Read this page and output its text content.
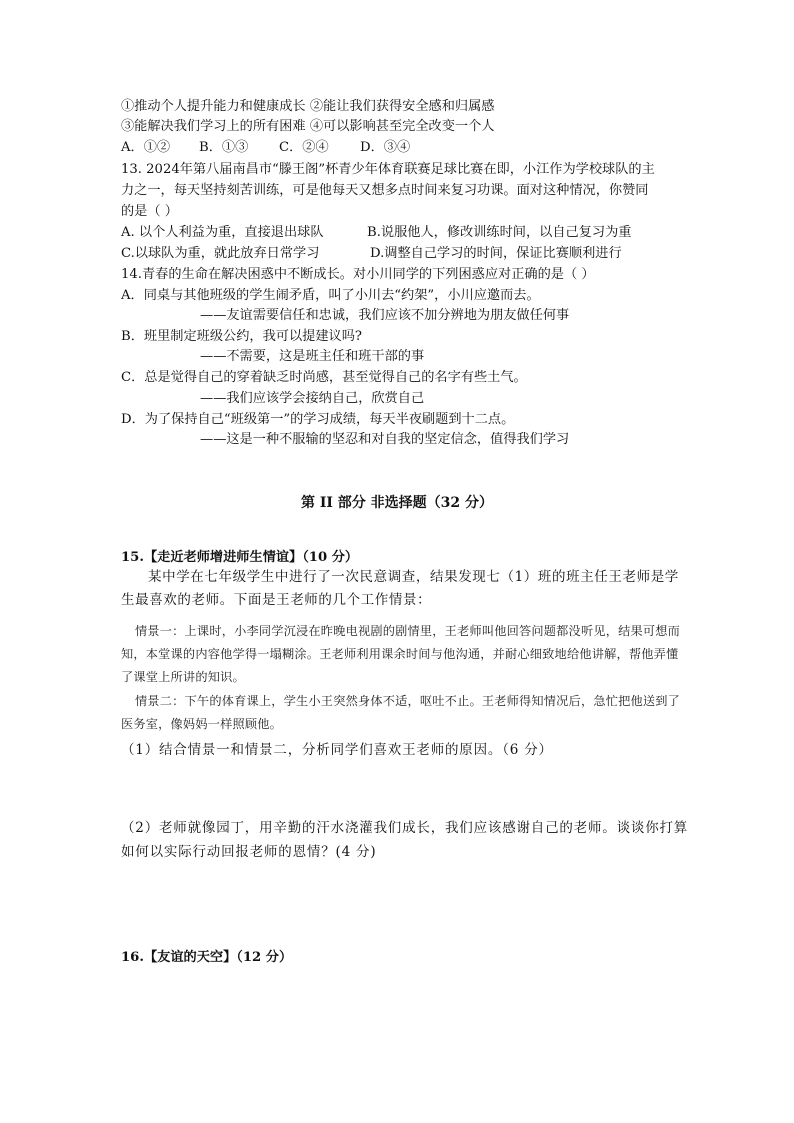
①推动个人提升能力和健康成长 ②能让我们获得安全感和归属感
③能解决我们学习上的所有困难 ④可以影响甚至完全改变一个人
A．①② B．①③ C．②④ D．③④
13. 2024年第八届南昌市“滕王阁”杯青少年体育联赛足球比赛在即，小江作为学校球队的主
力之一，每天坚持刻苦训练，可是他每天又想多点时间来复习功课。面对这种情况，你赞同
的是（ ）
A. 以个人利益为重，直接退出球队	B.说服他人，修改训练时间，以自己复习为重
C.以球队为重，就此放弃日常学习	D.调整自己学习的时间，保证比赛顺利进行
14.青春的生命在解决困惑中不断成长。对小川同学的下列困惑应对正确的是（ ）
A．同桌与其他班级的学生闹矛盾，叫了小川去“约架”，小川应邀而去。
——友谊需要信任和忠诚，我们应该不加分辨地为朋友做任何事
B．班里制定班级公约，我可以提建议吗?
——不需要，这是班主任和班干部的事
C．总是觉得自己的穿着缺乏时尚感，甚至觉得自己的名字有些土气。
——我们应该学会接纳自己，欣赏自己
D．为了保持自己“班级第一”的学习成绩，每天半夜刷题到十二点。
——这是一种不服输的坚忍和对自我的坚定信念，值得我们学习
第 II 部分 非选择题（32 分）
15.【走近老师增进师生情谊】（10 分）
某中学在七年级学生中进行了一次民意调查，结果发现七（1）班的班主任王老师是学生最喜欢的老师。下面是王老师的几个工作情景：
情景一：上课时，小李同学沉浸在昨晚电视剧的剧情里，王老师叫他回答问题都没听见，结果可想而知，本堂课的内容他学得一塌糊涂。王老师利用课余时间与他沟通，并耐心细致地给他讲解，帮他弄懂了课堂上所讲的知识。
情景二：下午的体育课上，学生小王突然身体不适，呕吐不止。王老师得知情况后，急忙把他送到了医务室，像妈妈一样照顾他。
（1）结合情景一和情景二，分析同学们喜欢王老师的原因。（6 分）
（2）老师就像园丁，用辛勤的汗水浇灌我们成长，我们应该感谢自己的老师。谈谈你打算如何以实际行动回报老师的恩情？(4 分)
16.【友谊的天空】（12 分）
